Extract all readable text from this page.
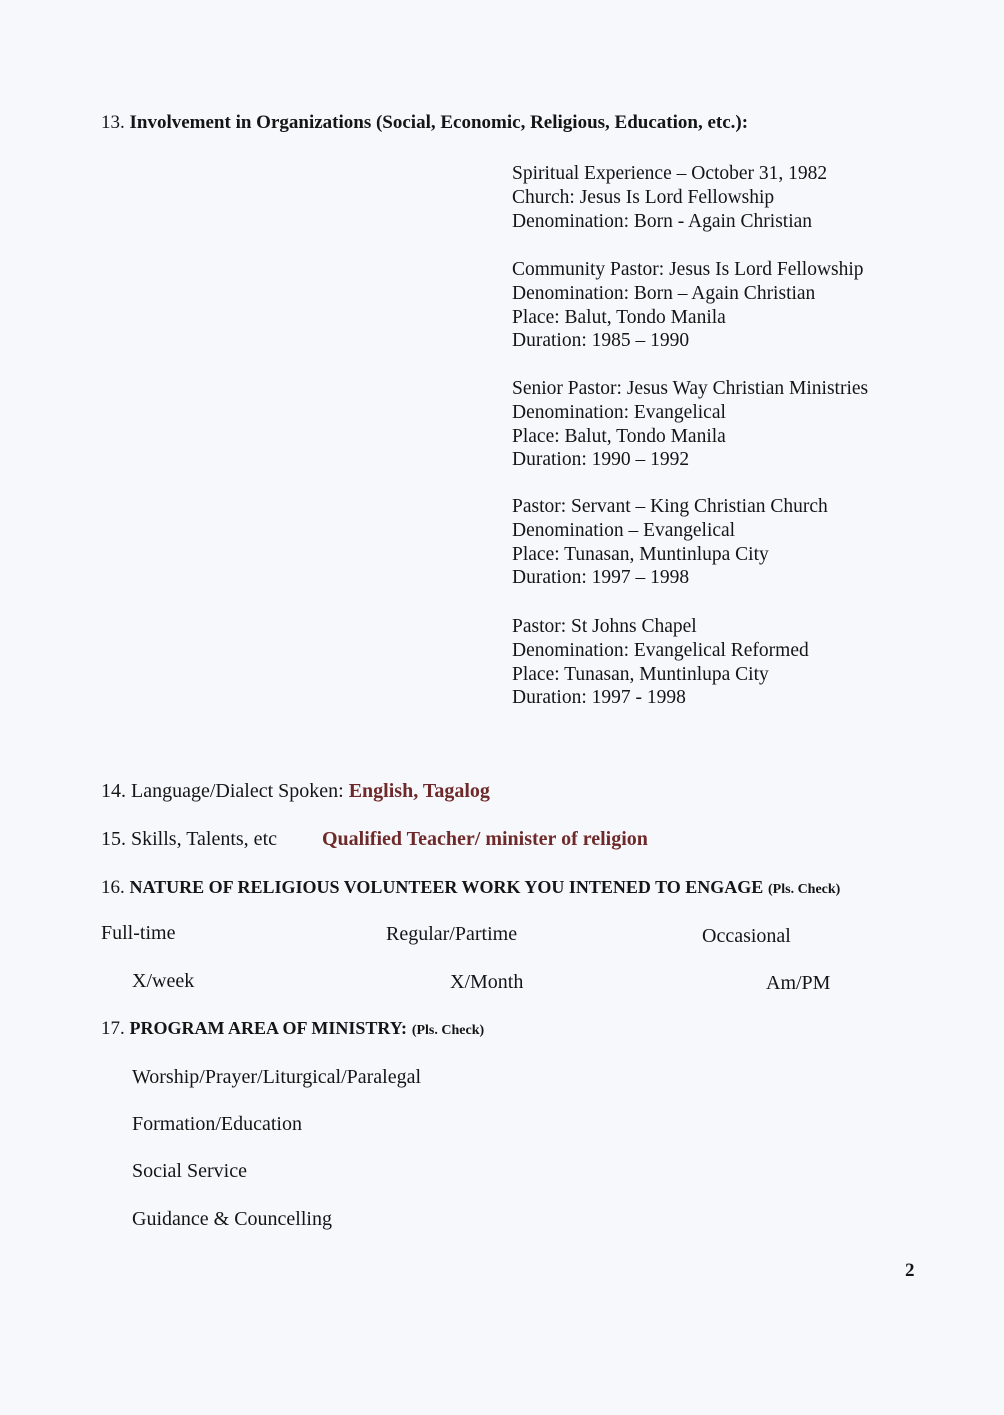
13. Involvement in Organizations (Social, Economic, Religious, Education, etc.):
Spiritual Experience – October 31, 1982
Church: Jesus Is Lord Fellowship
Denomination: Born - Again Christian
Community Pastor: Jesus Is Lord Fellowship
Denomination: Born – Again Christian
Place: Balut, Tondo Manila
Duration: 1985 – 1990
Senior Pastor: Jesus Way Christian Ministries
Denomination: Evangelical
Place: Balut, Tondo Manila
Duration: 1990 – 1992
Pastor: Servant – King Christian Church
Denomination – Evangelical
Place: Tunasan, Muntinlupa City
Duration: 1997 – 1998
Pastor: St Johns Chapel
Denomination: Evangelical Reformed
Place: Tunasan, Muntinlupa City
Duration: 1997 - 1998
14. Language/Dialect Spoken: English, Tagalog
15. Skills, Talents, etc Qualified Teacher/ minister of religion
16. NATURE OF RELIGIOUS VOLUNTEER WORK YOU INTENED TO ENGAGE (Pls. Check)
Full-time	Regular/Partime	Occasional
X/week	X/Month	Am/PM
17. PROGRAM AREA OF MINISTRY: (Pls. Check)
Worship/Prayer/Liturgical/Paralegal
Formation/Education
Social Service
Guidance & Councelling
2
